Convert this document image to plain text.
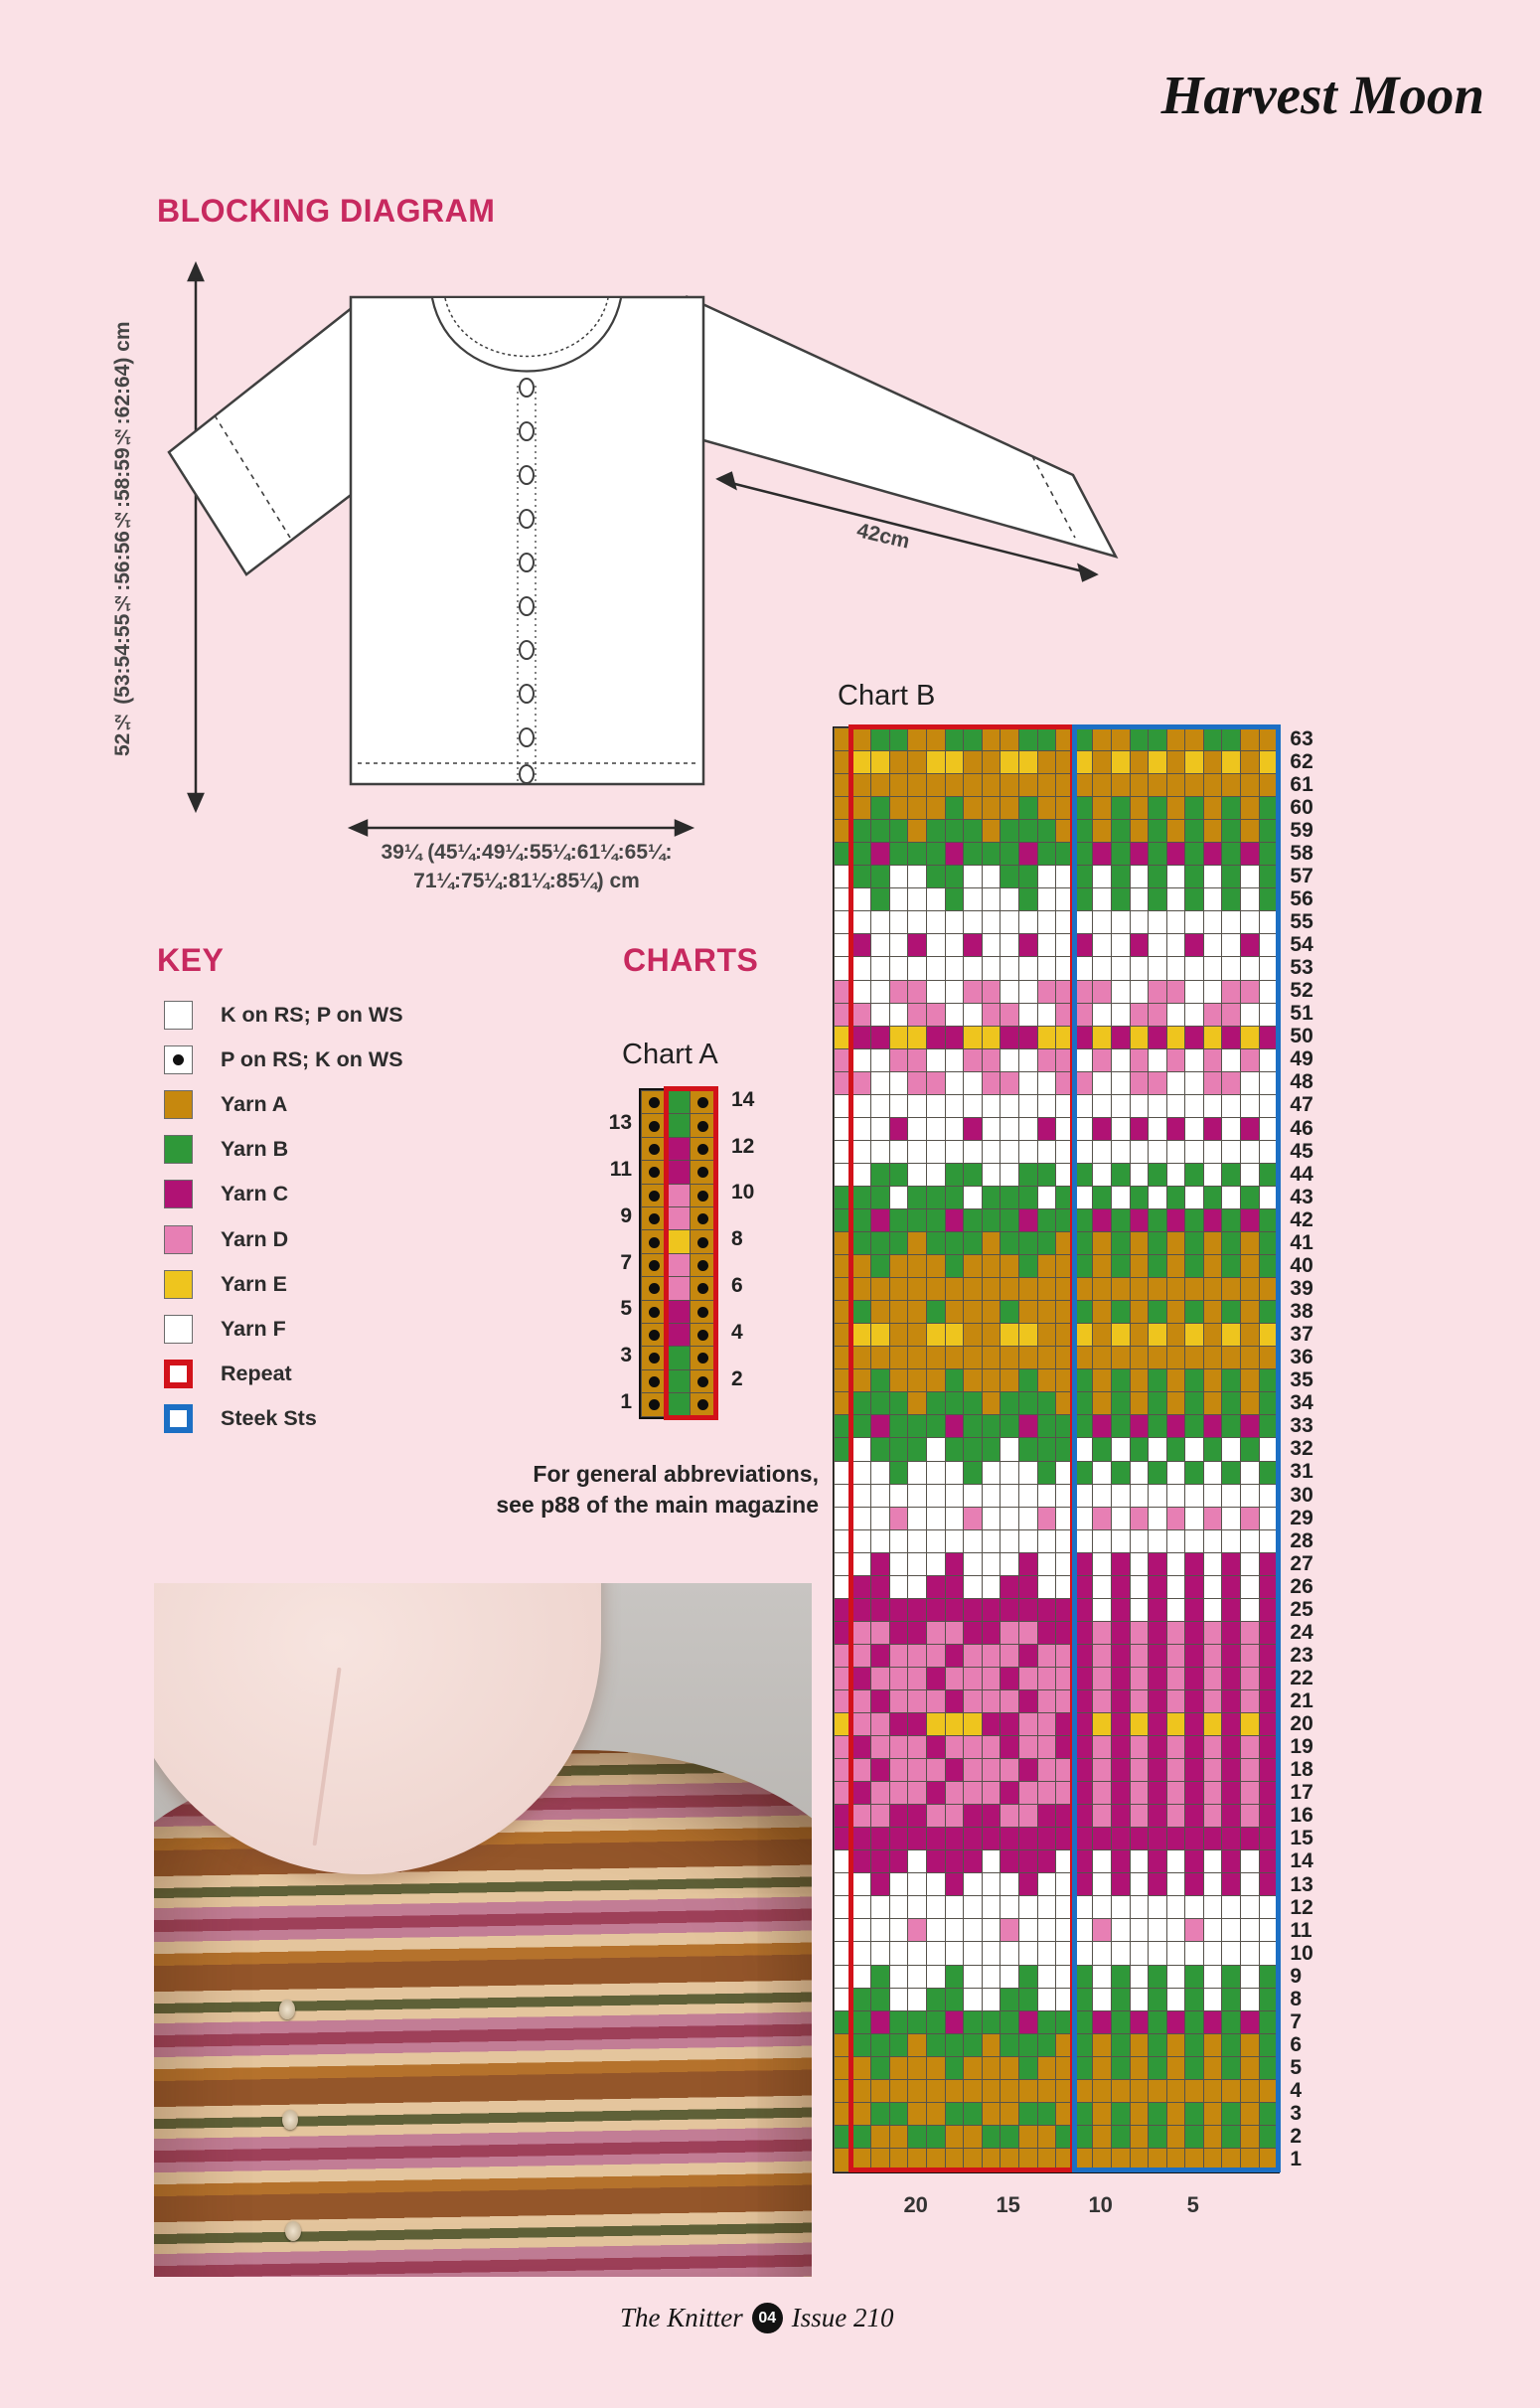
Harvest Moon
BLOCKING DIAGRAM
52½ (53:54:55½:56:56½:58:59½:62:64) cm	42cm
39¼ (45¼:49¼:55¼:61¼:65¼:
71¼:75¼:81¼:85¼) cm
KEY
K on RS; P on WS
P on RS; K on WS
Yarn A
Yarn B
Yarn C
Yarn D
Yarn E
Yarn F
Repeat
Steek Sts
CHARTS
Chart A
13
11
9
7
5
3
1
14
12
10
8
6
4
2
For general abbreviations,
see p88 of the main magazine
Chart B
63
62
61
60
59
58
57
56
55
54
53
52
51
50
49
48
47
46
45
44
43
42
41
40
39
38
37
36
35
34
33
32
31
30
29
28
27
26
25
24
23
22
21
20
19
18
17
16
15
14
13
12
11
10
9
8
7
6
5
4
3
2
1
20	15	10	5
The Knitter 04 Issue 210
